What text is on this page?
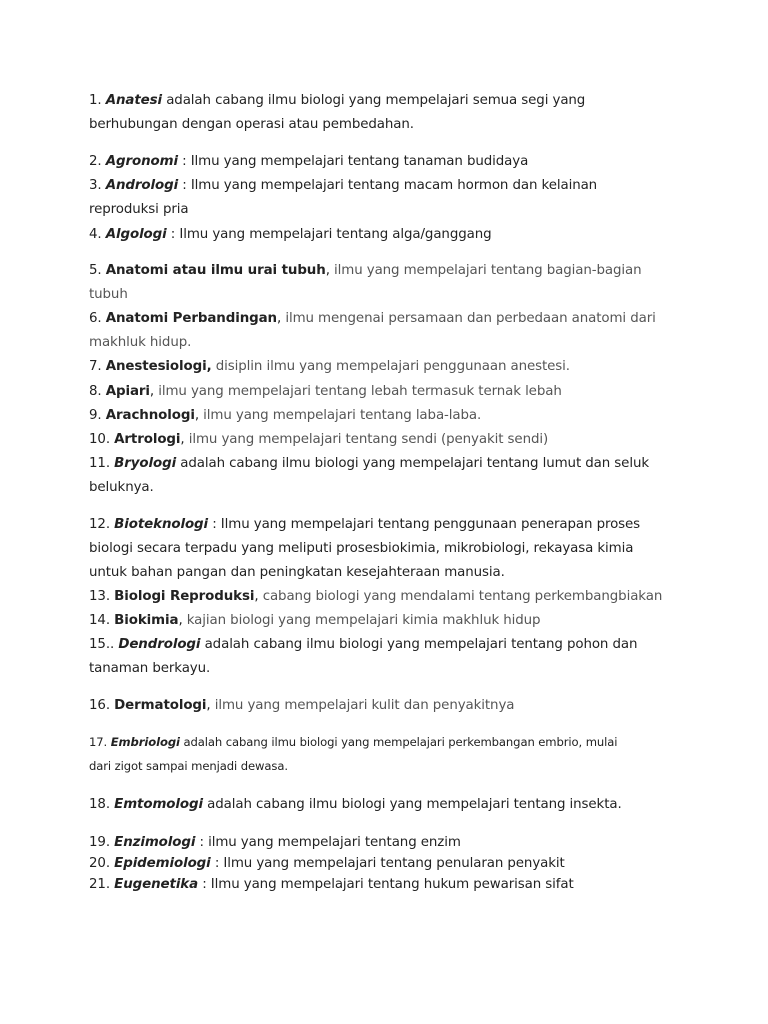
1. Anatesi adalah cabang ilmu biologi yang mempelajari semua segi yang
berhubungan dengan operasi atau pembedahan.
2. Agronomi : Ilmu yang mempelajari tentang tanaman budidaya
3. Andrologi : Ilmu yang mempelajari tentang macam hormon dan kelainan
reproduksi pria
4. Algologi : Ilmu yang mempelajari tentang alga/ganggang
5. Anatomi atau ilmu urai tubuh, ilmu yang mempelajari tentang bagian-bagian
tubuh
6. Anatomi Perbandingan, ilmu mengenai persamaan dan perbedaan anatomi dari
makhluk hidup.
7. Anestesiologi, disiplin ilmu yang mempelajari penggunaan anestesi.
8. Apiari, ilmu yang mempelajari tentang lebah termasuk ternak lebah
9. Arachnologi, ilmu yang mempelajari tentang laba-laba.
10. Artrologi, ilmu yang mempelajari tentang sendi (penyakit sendi)
11. Bryologi adalah cabang ilmu biologi yang mempelajari tentang lumut dan seluk
beluknya.
12. Bioteknologi : Ilmu yang mempelajari tentang penggunaan penerapan proses
biologi secara terpadu yang meliputi prosesbiokimia, mikrobiologi, rekayasa kimia
untuk bahan pangan dan peningkatan kesejahteraan manusia.
13. Biologi Reproduksi, cabang biologi yang mendalami tentang perkembangbiakan
14. Biokimia, kajian biologi yang mempelajari kimia makhluk hidup
15.. Dendrologi adalah cabang ilmu biologi yang mempelajari tentang pohon dan
tanaman berkayu.
16. Dermatologi, ilmu yang mempelajari kulit dan penyakitnya
17. Embriologi adalah cabang ilmu biologi yang mempelajari perkembangan embrio, mulai
dari zigot sampai menjadi dewasa.
18. Emtomologi adalah cabang ilmu biologi yang mempelajari tentang insekta.
19. Enzimologi : ilmu yang mempelajari tentang enzim
20. Epidemiologi : Ilmu yang mempelajari tentang penularan penyakit
21. Eugenetika : Ilmu yang mempelajari tentang hukum pewarisan sifat
